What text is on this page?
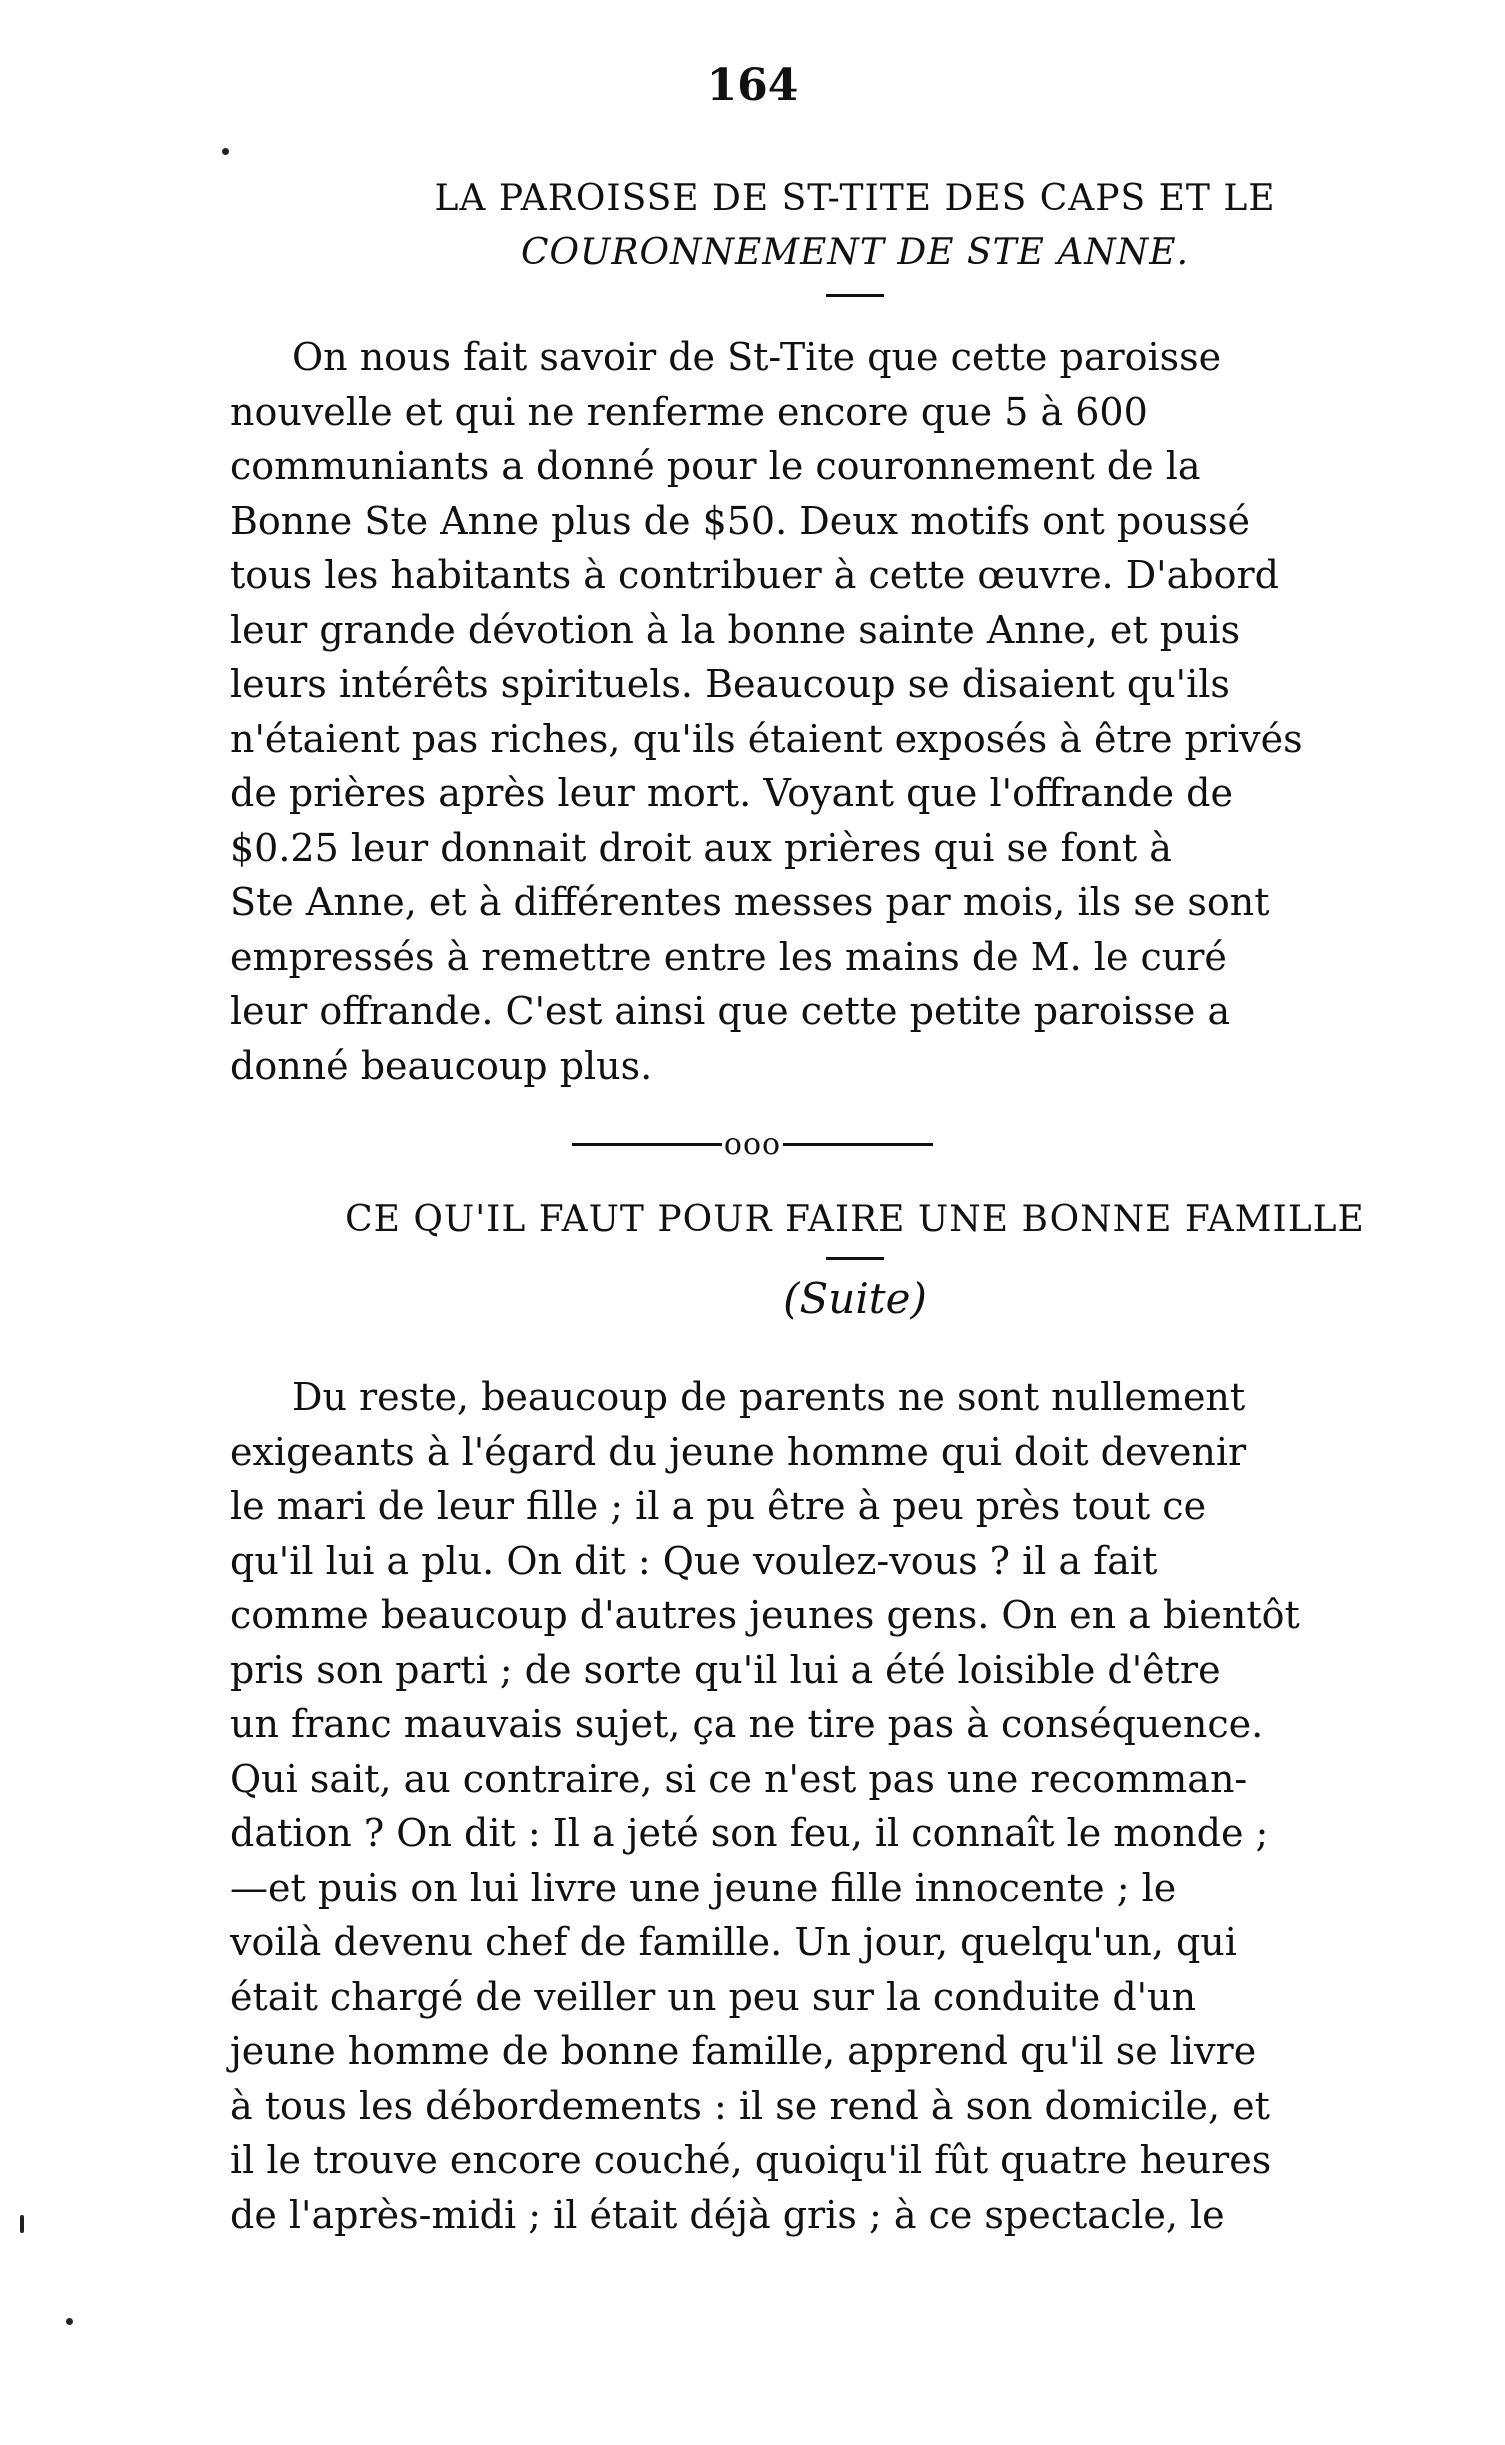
164
LA PAROISSE DE ST-TITE DES CAPS ET LE
COURONNEMENT DE STE ANNE.
On nous fait savoir de St-Tite que cette paroisse
nouvelle et qui ne renferme encore que 5 à 600
communiants a donné pour le couronnement de la
Bonne Ste Anne plus de $50. Deux motifs ont poussé
tous les habitants à contribuer à cette œuvre. D'abord
leur grande dévotion à la bonne sainte Anne, et puis
leurs intérêts spirituels. Beaucoup se disaient qu'ils
n'étaient pas riches, qu'ils étaient exposés à être privés
de prières après leur mort. Voyant que l'offrande de
$0.25 leur donnait droit aux prières qui se font à
Ste Anne, et à différentes messes par mois, ils se sont
empressés à remettre entre les mains de M. le curé
leur offrande. C'est ainsi que cette petite paroisse a
donné beaucoup plus.
ooo
CE QU'IL FAUT POUR FAIRE UNE BONNE FAMILLE
(Suite)
Du reste, beaucoup de parents ne sont nullement
exigeants à l'égard du jeune homme qui doit devenir
le mari de leur fille ; il a pu être à peu près tout ce
qu'il lui a plu. On dit : Que voulez-vous ? il a fait
comme beaucoup d'autres jeunes gens. On en a bientôt
pris son parti ; de sorte qu'il lui a été loisible d'être
un franc mauvais sujet, ça ne tire pas à conséquence.
Qui sait, au contraire, si ce n'est pas une recomman-
dation ? On dit : Il a jeté son feu, il connaît le monde ;
—et puis on lui livre une jeune fille innocente ; le
voilà devenu chef de famille. Un jour, quelqu'un, qui
était chargé de veiller un peu sur la conduite d'un
jeune homme de bonne famille, apprend qu'il se livre
à tous les débordements : il se rend à son domicile, et
il le trouve encore couché, quoiqu'il fût quatre heures
de l'après-midi ; il était déjà gris ; à ce spectacle, le
